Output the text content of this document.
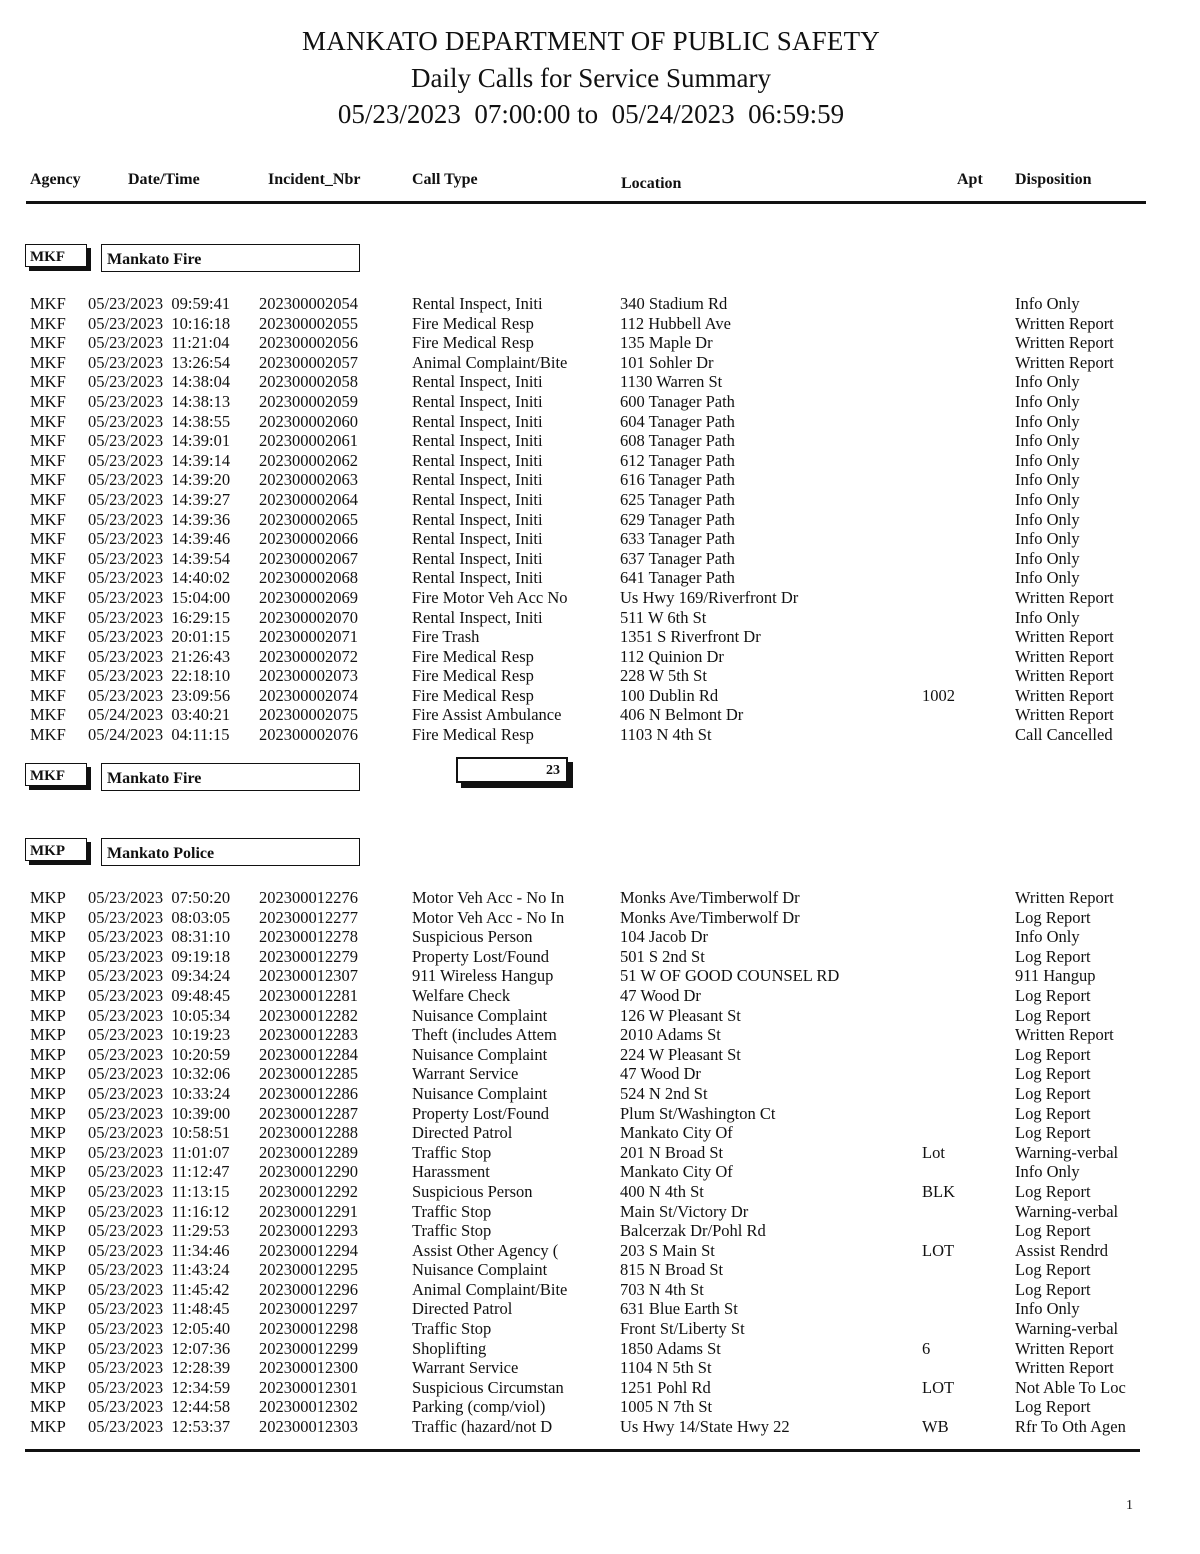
MANKATO DEPARTMENT OF PUBLIC SAFETY
Daily Calls for Service Summary
05/23/2023  07:00:00 to  05/24/2023  06:59:59
Agency	Date/Time	Incident_Nbr	Call Type	Location	Apt Disposition
MKF	Mankato Fire
MKF 05/23/2023  09:59:41 202300002054	Rental Inspect, Initi	340 Stadium Rd	Info Only
MKF 05/23/2023  10:16:18 202300002055	Fire Medical Resp	112 Hubbell Ave	Written Report
MKF 05/23/2023  11:21:04 202300002056	Fire Medical Resp	135 Maple Dr	Written Report
MKF 05/23/2023  13:26:54 202300002057	Animal Complaint/Bite	101 Sohler Dr	Written Report
MKF 05/23/2023  14:38:04 202300002058	Rental Inspect, Initi	1130 Warren St	Info Only
MKF 05/23/2023  14:38:13 202300002059	Rental Inspect, Initi	600 Tanager Path	Info Only
MKF 05/23/2023  14:38:55 202300002060	Rental Inspect, Initi	604 Tanager Path	Info Only
MKF 05/23/2023  14:39:01 202300002061	Rental Inspect, Initi	608 Tanager Path	Info Only
MKF 05/23/2023  14:39:14 202300002062	Rental Inspect, Initi	612 Tanager Path	Info Only
MKF 05/23/2023  14:39:20 202300002063	Rental Inspect, Initi	616 Tanager Path	Info Only
MKF 05/23/2023  14:39:27 202300002064	Rental Inspect, Initi	625 Tanager Path	Info Only
MKF 05/23/2023  14:39:36 202300002065	Rental Inspect, Initi	629 Tanager Path	Info Only
MKF 05/23/2023  14:39:46 202300002066	Rental Inspect, Initi	633 Tanager Path	Info Only
MKF 05/23/2023  14:39:54 202300002067	Rental Inspect, Initi	637 Tanager Path	Info Only
MKF 05/23/2023  14:40:02 202300002068	Rental Inspect, Initi	641 Tanager Path	Info Only
MKF 05/23/2023  15:04:00 202300002069	Fire Motor Veh Acc No	Us Hwy 169/Riverfront Dr	Written Report
MKF 05/23/2023  16:29:15 202300002070	Rental Inspect, Initi	511 W 6th St	Info Only
MKF 05/23/2023  20:01:15 202300002071	Fire Trash	1351 S Riverfront Dr	Written Report
MKF 05/23/2023  21:26:43 202300002072	Fire Medical Resp	112 Quinion Dr	Written Report
MKF 05/23/2023  22:18:10 202300002073	Fire Medical Resp	228 W 5th St	Written Report
MKF 05/23/2023  23:09:56 202300002074	Fire Medical Resp	100 Dublin Rd	1002	Written Report
MKF 05/24/2023  03:40:21 202300002075	Fire Assist Ambulance	406 N Belmont Dr	Written Report
MKF 05/24/2023  04:11:15 202300002076	Fire Medical Resp	1103 N 4th St	Call Cancelled
MKF	Mankato Fire	23
MKP	Mankato Police
MKP 05/23/2023  07:50:20 202300012276	Motor Veh Acc - No In	Monks Ave/Timberwolf Dr	Written Report
MKP 05/23/2023  08:03:05 202300012277	Motor Veh Acc - No In	Monks Ave/Timberwolf Dr	Log Report
MKP 05/23/2023  08:31:10 202300012278	Suspicious Person	104 Jacob Dr	Info Only
MKP 05/23/2023  09:19:18 202300012279	Property Lost/Found	501 S 2nd St	Log Report
MKP 05/23/2023  09:34:24 202300012307	911 Wireless Hangup	51 W OF GOOD COUNSEL RD	911 Hangup
MKP 05/23/2023  09:48:45 202300012281	Welfare Check	47 Wood Dr	Log Report
MKP 05/23/2023  10:05:34 202300012282	Nuisance Complaint	126 W Pleasant St	Log Report
MKP 05/23/2023  10:19:23 202300012283	Theft (includes Attem	2010 Adams St	Written Report
MKP 05/23/2023  10:20:59 202300012284	Nuisance Complaint	224 W Pleasant St	Log Report
MKP 05/23/2023  10:32:06 202300012285	Warrant Service	47 Wood Dr	Log Report
MKP 05/23/2023  10:33:24 202300012286	Nuisance Complaint	524 N 2nd St	Log Report
MKP 05/23/2023  10:39:00 202300012287	Property Lost/Found	Plum St/Washington Ct	Log Report
MKP 05/23/2023  10:58:51 202300012288	Directed Patrol	Mankato City Of	Log Report
MKP 05/23/2023  11:01:07 202300012289	Traffic Stop	201 N Broad St	Lot	Warning-verbal
MKP 05/23/2023  11:12:47 202300012290	Harassment	Mankato City Of	Info Only
MKP 05/23/2023  11:13:15 202300012292	Suspicious Person	400 N 4th St	BLK	Log Report
MKP 05/23/2023  11:16:12 202300012291	Traffic Stop	Main St/Victory Dr	Warning-verbal
MKP 05/23/2023  11:29:53 202300012293	Traffic Stop	Balcerzak Dr/Pohl Rd	Log Report
MKP 05/23/2023  11:34:46 202300012294	Assist Other Agency (	203 S Main St	LOT	Assist Rendrd
MKP 05/23/2023  11:43:24 202300012295	Nuisance Complaint	815 N Broad St	Log Report
MKP 05/23/2023  11:45:42 202300012296	Animal Complaint/Bite	703 N 4th St	Log Report
MKP 05/23/2023  11:48:45 202300012297	Directed Patrol	631 Blue Earth St	Info Only
MKP 05/23/2023  12:05:40 202300012298	Traffic Stop	Front St/Liberty St	Warning-verbal
MKP 05/23/2023  12:07:36 202300012299	Shoplifting	1850 Adams St	6	Written Report
MKP 05/23/2023  12:28:39 202300012300	Warrant Service	1104 N 5th St	Written Report
MKP 05/23/2023  12:34:59 202300012301	Suspicious Circumstan	1251 Pohl Rd	LOT	Not Able To Loc
MKP 05/23/2023  12:44:58 202300012302	Parking (comp/viol)	1005 N 7th St	Log Report
MKP 05/23/2023  12:53:37 202300012303	Traffic (hazard/not D	Us Hwy 14/State Hwy 22	WB	Rfr To Oth Agen
1
